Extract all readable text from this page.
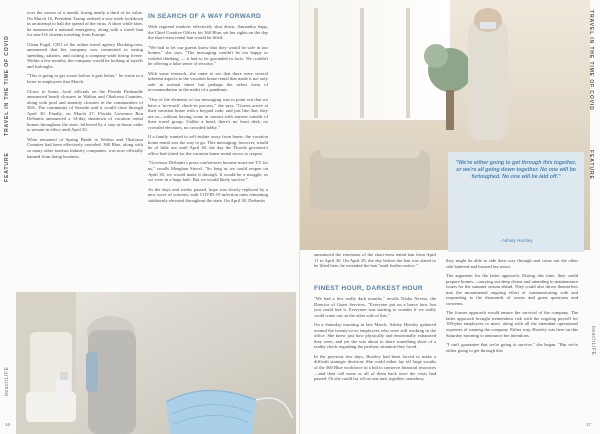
FEATURE
TRAVEL IN THE TIME OF COVID
beachLIFE
16

over the course of a month, losing nearly a third of its value. On March 16, President Trump ordered a two-week lockdown in an attempt to halt the spread of the virus. A short while later, he announced a national emergency, along with a travel ban for non-US citizens traveling from Europe.

Glenn Fogel, CEO of the online travel agency Booking.com, announced that his company was committed to easing spending, salaries, and cutting a company-wide hiring freeze. Within a few months, the company would be looking at layoffs and furloughs.

"This is going to get worse before it gets better," he wrote in a letter to employees that March.

Closer to home, local officials on the Florida Panhandle announced beach closures in Walton and Okaloosa Counties, along with pool and amenity closures in the communities of 30A. The community of Seaside said it would close through April 30. Finally, on March 27, Florida Governor Ron DeSantis announced a 14-day shutdown of vacation rental homes throughout the state, followed by a stay-at-home order to remain in effect until April 30.

What remained of Spring Break in Walton and Okaloosa Counties had been effectively canceled. 360 Blue, along with so many other tourism industry companies, was now officially banned from doing business.

IN SEARCH OF A WAY FORWARD

With regional markets effectively shut down, Samantha Sapp, the Chief Creative Officer for 360 Blue, set her sights on the day the short-term rental ban would be lifted.

"We had to let our guests know that they would be safe in our homes," she says. "The messaging couldn't be too happy or wishful thinking — it had to be grounded in facts. We couldn't be offering a false sense of security."

With some research, she came to see that there were several inherent aspects to the vacation home rental that made it not only safe in normal times but perhaps the safest form of accommodation in the midst of a pandemic.

"One of the elements of our messaging was to point out that we have a 'no-touch' check-in process," she says. "Guests arrive at their vacation home with a keypad code, and just like that, they are in—without having come in contact with anyone outside of their travel group. Unlike a hotel, there's no front desk, no crowded elevators, no crowded lobby."

If a family wanted to self-isolate away from home, the vacation home rental was the way to go. This messaging, however, would be of little use until April 30, the day the Florida governor's office had slated for the vacation home rental sector to reopen.

"Governor DeSantis's press conferences became must-see TV for us," recalls Meaghan Stovel. "So long as we could reopen on April 30, we would make it through. It would be a struggle, as we were in a huge hole. But we would likely survive."

As the days and weeks passed, hope was slowly replaced by a new wave of concern, with COVID-19 infection rates remaining stubbornly elevated throughout the state. On April 30, DeSantis

TRAVEL IN THE TIME OF COVID
FEATURE
beachLIFE
17
"We're either going to get through this together, or we're all going down together. No one will be furloughed. No one will be laid off."
- Ashely Horsley

announced the extension of the short-term rental ban from April 11 to April 30. On April 29, the day before the ban was slated to be lifted here, he extended the ban "until further notice."

FINEST HOUR, DARKEST HOUR

"We had a few really dark months," recalls Trisha Nevers, the Director of Guest Services. "Everyone put on a brave face, but you could feel it. Everyone was starting to wonder if we really could come out on the other side of this."

On a Saturday morning in late March, Ashley Horsley gathered around the twenty-or-so employees who were still working in the office. She knew just how physically and emotionally exhausted they were, and yet she was about to share something short of a reality check regarding the perilous situation they faced.

In the previous few days, Horsley had been forced to make a difficult strategic decision: She could either lay off large swaths of the 360 Blue workforce in a bid to conserve financial resources—and then call some or all of them back once the crisis had passed. Or she could lay off no one and, together, somehow,

they might be able to ride their way through and come out the other side battered and bruised but intact.

The argument for the latter approach: During this time, they could prepare homes—carrying out deep cleans and attending to maintenance issues for the summer season ahead. They could also throw themselves into the monumental ongoing effort of communicating with and responding to the thousands of owner and guest questions and concerns.

The former approach would ensure the survival of the company. The latter approach brought tremendous risk with the ongoing payroll for 100-plus employees to meet, along with all the attendant operational expenses of running the company. Either way, Horsley was here on this Saturday morning to announce her intentions.

"I can't guarantee that we're going to survive," she began. "But we're either going to get through this
